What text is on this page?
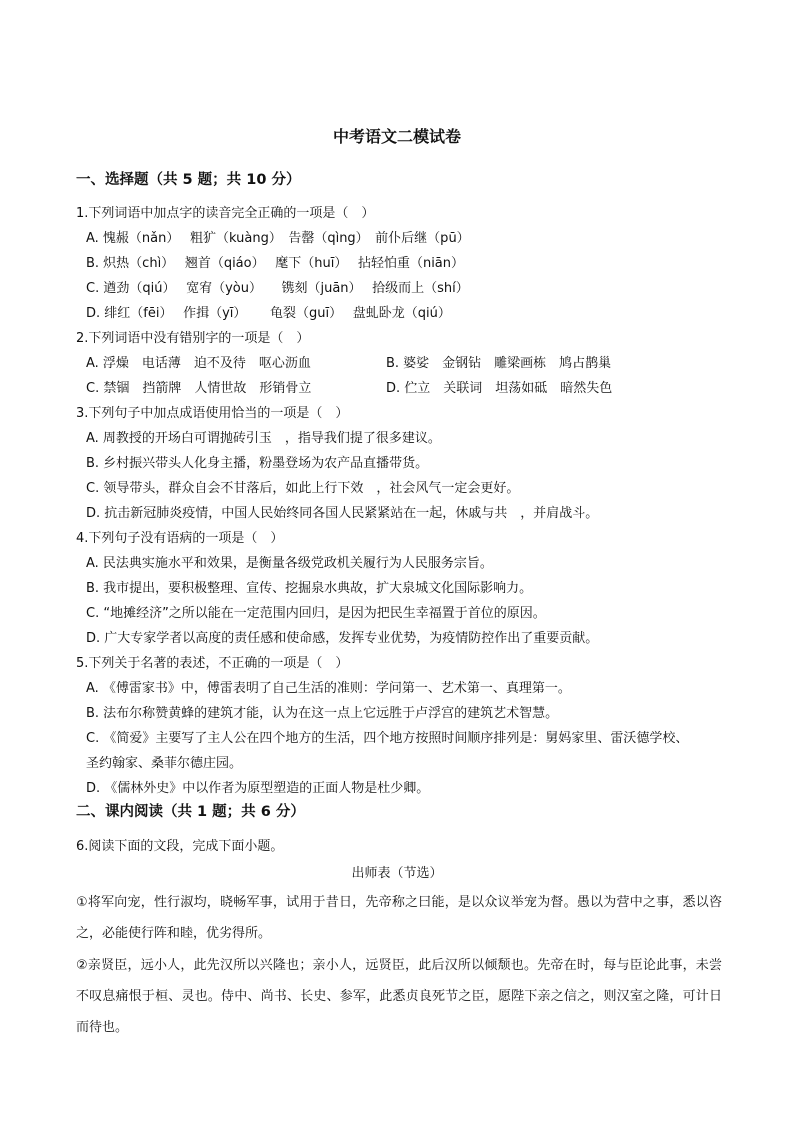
中考语文二模试卷
一、选择题（共 5 题；共 10 分）
1.下列词语中加点字的读音完全正确的一项是（　）
A. 愧赧（nǎn）　 粗犷（kuàng）　告罄（qìng）　前仆后继（pū）
B. 炽热（chì）　 翘首（qiáo）　 麾下（huī）　 拈轻怕重（niān）
C. 遒劲（qiú）　 宽宥（yòu）　　镌刻（juān）　 拾级而上（shí）
D. 绯红（fēi）　 作揖（yī）　　 龟裂（guī）　 盘虬卧龙（qiú）
2.下列词语中没有错别字的一项是（　）
A. 浮燥　电话薄　迫不及待　呕心沥血	B. 婆娑　金钢钻　雕梁画栋　鸠占鹊巢
C. 禁锢　挡箭牌　人情世故　形销骨立	D. 伫立　关联词　坦荡如砥　暗然失色
3.下列句子中加点成语使用恰当的一项是（　）
A. 周教授的开场白可谓抛砖引玉　，指导我们提了很多建议。
B. 乡村振兴带头人化身主播，粉墨登场为农产品直播带货。
C. 领导带头，群众自会不甘落后，如此上行下效　，社会风气一定会更好。
D. 抗击新冠肺炎疫情，中国人民始终同各国人民紧紧站在一起，休戚与共　，并肩战斗。
4.下列句子没有语病的一项是（　）
A. 民法典实施水平和效果，是衡量各级党政机关履行为人民服务宗旨。
B. 我市提出，要积极整理、宣传、挖掘泉水典故，扩大泉城文化国际影响力。
C. “地摊经济”之所以能在一定范围内回归，是因为把民生幸福置于首位的原因。
D. 广大专家学者以高度的责任感和使命感，发挥专业优势，为疫情防控作出了重要贡献。
5.下列关于名著的表述，不正确的一项是（　）
A. 《傅雷家书》中，傅雷表明了自己生活的准则：学问第一、艺术第一、真理第一。
B. 法布尔称赞黄蜂的建筑才能，认为在这一点上它远胜于卢浮宫的建筑艺术智慧。
C. 《简爱》主要写了主人公在四个地方的生活，四个地方按照时间顺序排列是：舅妈家里、雷沃德学校、
圣约翰家、桑菲尔德庄园。
D. 《儒林外史》中以作者为原型塑造的正面人物是杜少卿。
二、课内阅读（共 1 题；共 6 分）
6.阅读下面的文段，完成下面小题。
出师表（节选）

①将军向宠，性行淑均，晓畅军事，试用于昔日，先帝称之曰能，是以众议举宠为督。愚以为营中之事，悉以咨之，必能使行阵和睦，优劣得所。

②亲贤臣，远小人，此先汉所以兴隆也；亲小人，远贤臣，此后汉所以倾颓也。先帝在时，每与臣论此事，未尝不叹息痛恨于桓、灵也。侍中、尚书、长史、参军，此悉贞良死节之臣，愿陛下亲之信之，则汉室之隆，可计日而待也。
